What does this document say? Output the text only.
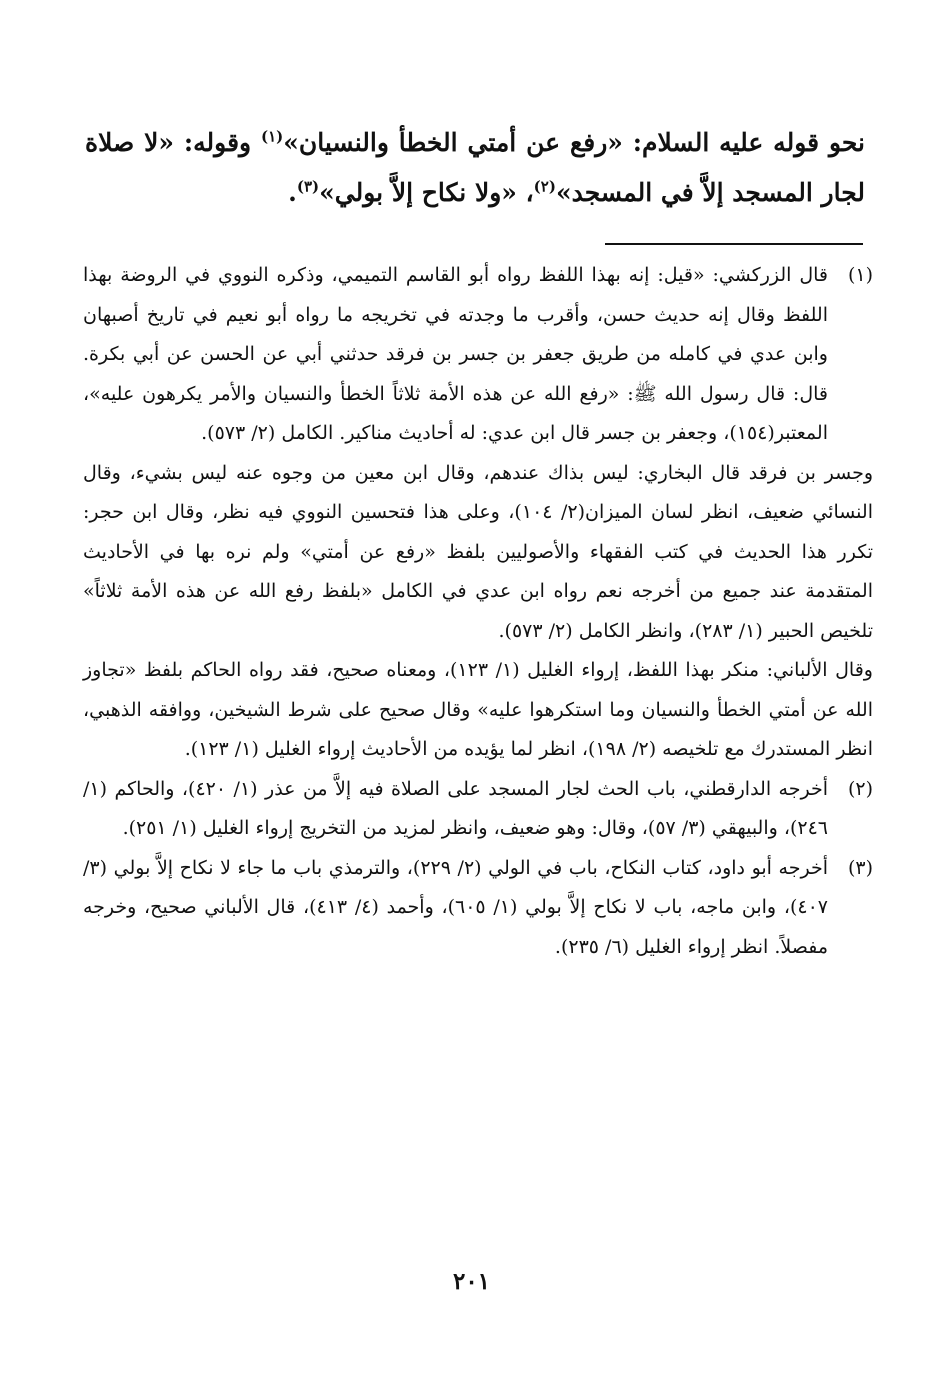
نحو قوله عليه السلام: «رفع عن أمتي الخطأ والنسيان»$^{(١)}$ وقوله: «لا صلاة لجار المسجد إلاَّ في المسجد»$^{(٢)}$، «ولا نكاح إلاَّ بولي»$^{(٣)}$.

(١)

قال الزركشي: «قيل: إنه بهذا اللفظ رواه أبو القاسم التميمي، وذكره النووي في الروضة بهذا اللفظ وقال إنه حديث حسن، وأقرب ما وجدته في تخريجه ما رواه أبو نعيم في تاريخ أصبهان وابن عدي في كامله من طريق جعفر بن جسر بن فرقد حدثني أبي عن الحسن عن أبي بكرة. قال: قال رسول الله ﷺ: «رفع الله عن هذه الأمة ثلاثاً الخطأ والنسيان والأمر يكرهون عليه»، المعتبر(١٥٤)، وجعفر بن جسر قال ابن عدي: له أحاديث مناكير. الكامل (٢/ ٥٧٣).

وجسر بن فرقد قال البخاري: ليس بذاك عندهم، وقال ابن معين من وجوه عنه ليس بشيء، وقال النسائي ضعيف، انظر لسان الميزان(٢/ ١٠٤)، وعلى هذا فتحسين النووي فيه نظر، وقال ابن حجر: تكرر هذا الحديث في كتب الفقهاء والأصوليين بلفظ «رفع عن أمتي» ولم نره بها في الأحاديث المتقدمة عند جميع من أخرجه نعم رواه ابن عدي في الكامل «بلفظ رفع الله عن هذه الأمة ثلاثاً» تلخيص الحبير (١/ ٢٨٣)، وانظر الكامل (٢/ ٥٧٣).

وقال الألباني: منكر بهذا اللفظ، إرواء الغليل (١/ ١٢٣)، ومعناه صحيح، فقد رواه الحاكم بلفظ «تجاوز الله عن أمتي الخطأ والنسيان وما استكرهوا عليه» وقال صحيح على شرط الشيخين، ووافقه الذهبي، انظر المستدرك مع تلخيصه (٢/ ١٩٨)، انظر لما يؤيده من الأحاديث إرواء الغليل (١/ ١٢٣).

(٢)

أخرجه الدارقطني، باب الحث لجار المسجد على الصلاة فيه إلاَّ من عذر (١/ ٤٢٠)، والحاكم (١/ ٢٤٦)، والبيهقي (٣/ ٥٧)، وقال: وهو ضعيف، وانظر لمزيد من التخريج إرواء الغليل (١/ ٢٥١).

(٣)

أخرجه أبو داود، كتاب النكاح، باب في الولي (٢/ ٢٢٩)، والترمذي باب ما جاء لا نكاح إلاَّ بولي (٣/ ٤٠٧)، وابن ماجه، باب لا نكاح إلاَّ بولي (١/ ٦٠٥)، وأحمد (٤/ ٤١٣)، قال الألباني صحيح، وخرجه مفصلاً. انظر إرواء الغليل (٦/ ٢٣٥).

٢٠١
